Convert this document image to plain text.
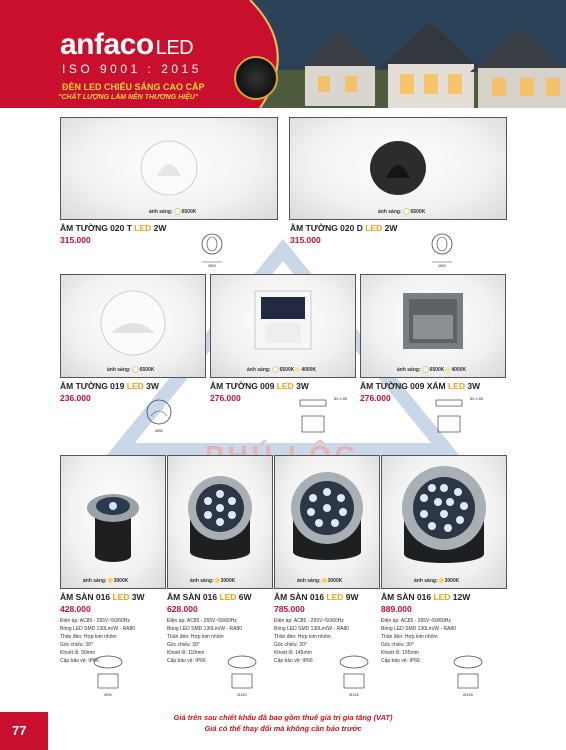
anfaco LED
ISO 9001 : 2015
ĐÈN LED CHIẾU SÁNG CAO CẤP
"CHẤT LƯỢNG LÀM NÊN THƯƠNG HIỆU"
ánh sáng: 6500K
ÂM TƯỜNG 020 T LED 2W
315.000
Ø63
ánh sáng: 6500K
ÂM TƯỜNG 020 D LED 2W
315.000
Ø63
ánh sáng: 6500K
ÂM TƯỜNG 019 LED 3W
236.000
Ø85
ánh sáng: 6500K 4000K
ÂM TƯỜNG 009 LED 3W
276.000	85 x 85
ánh sáng: 6500K 4000K
ÂM TƯỜNG 009 XÁM LED 3W
276.000	85 x 85
ánh sáng: 3000K
ÂM SÀN 016 LED 3W
428.000
Điện áp: AC85 - 265V~50/60Hz
Bóng LED SMD 130Lm/W - RA80
Thân đèn: Hợp kim nhôm
Góc chiếu: 30°
Khoét lỗ: 90mm
Cấp bảo vệ: IP66
Ø90
ánh sáng: 3000K
ÂM SÀN 016 LED 6W
628.000
Điện áp: AC85 - 265V~50/60Hz
Bóng LED SMD 130Lm/W - RA80
Thân đèn: Hợp kim nhôm
Góc chiếu: 30°
Khoét lỗ: 110mm
Cấp bảo vệ: IP66
Ø110
ánh sáng: 3000K
ÂM SÀN 016 LED 9W
785.000
Điện áp: AC85 - 265V~50/60Hz
Bóng LED SMD 130Lm/W - RA80
Thân đèn: Hợp kim nhôm
Góc chiếu: 30°
Khoét lỗ: 145mm
Cấp bảo vệ: IP66
Ø145
ánh sáng: 3000K
ÂM SÀN 016 LED 12W
889.000
Điện áp: AC85 - 265V~50/60Hz
Bóng LED SMD 130Lm/W - RA80
Thân đèn: Hợp kim nhôm
Góc chiếu: 30°
Khoét lỗ: 155mm
Cấp bảo vệ: IP66
Ø155
77
Giá trên sau chiết khấu đã bao gồm thuế giá trị gia tăng (VAT)
Giá có thể thay đổi mà không cần báo trước
